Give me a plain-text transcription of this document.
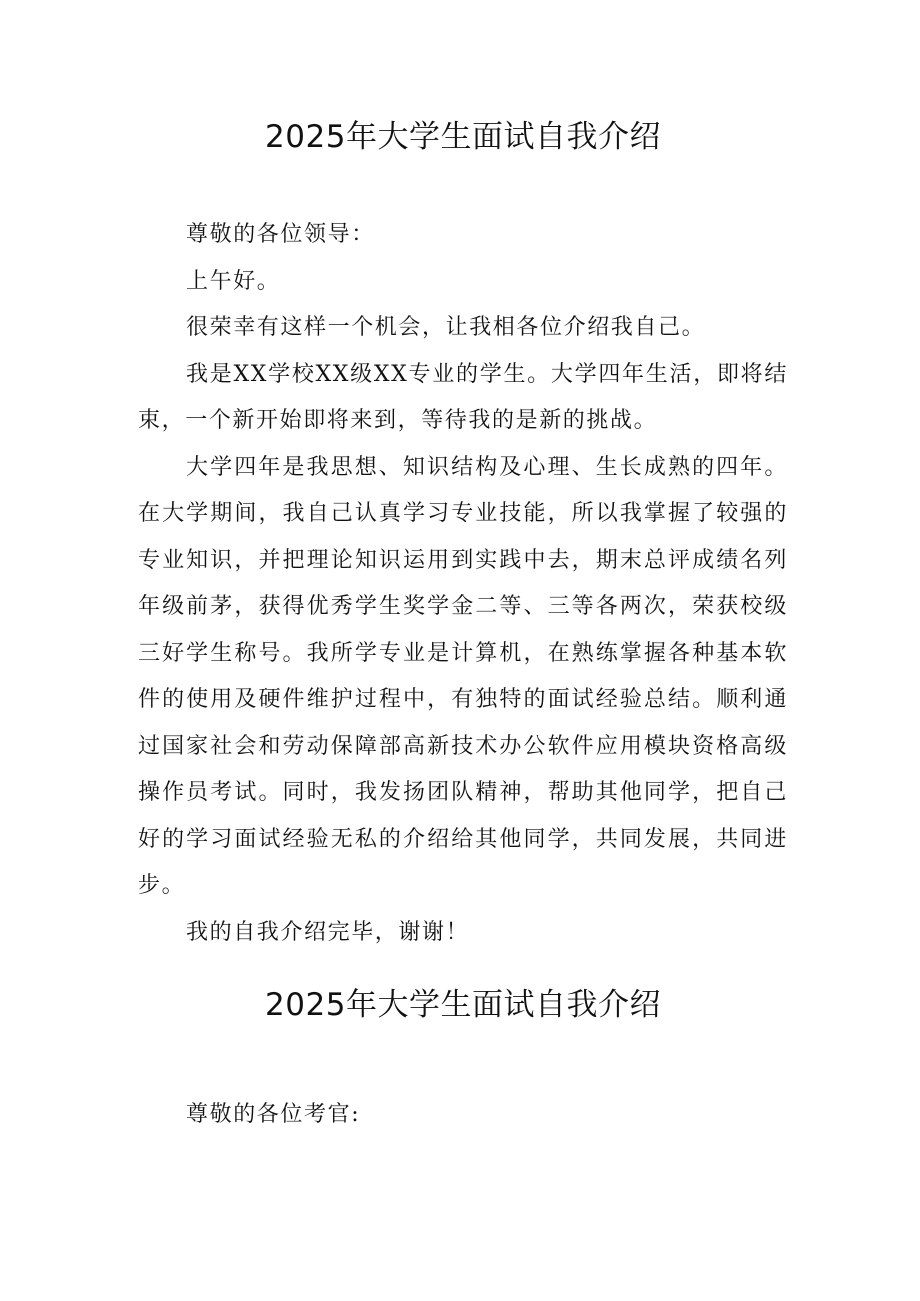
2025年大学生面试自我介绍

尊敬的各位领导：

上午好。

很荣幸有这样一个机会，让我相各位介绍我自己。

我是XX学校XX级XX专业的学生。大学四年生活，即将结束，一个新开始即将来到，等待我的是新的挑战。

大学四年是我思想、知识结构及心理、生长成熟的四年。在大学期间，我自己认真学习专业技能，所以我掌握了较强的专业知识，并把理论知识运用到实践中去，期末总评成绩名列年级前茅，获得优秀学生奖学金二等、三等各两次，荣获校级三好学生称号。我所学专业是计算机，在熟练掌握各种基本软件的使用及硬件维护过程中，有独特的面试经验总结。顺利通过国家社会和劳动保障部高新技术办公软件应用模块资格高级操作员考试。同时，我发扬团队精神，帮助其他同学，把自己好的学习面试经验无私的介绍给其他同学，共同发展，共同进步。

我的自我介绍完毕，谢谢！

2025年大学生面试自我介绍

尊敬的各位考官:
